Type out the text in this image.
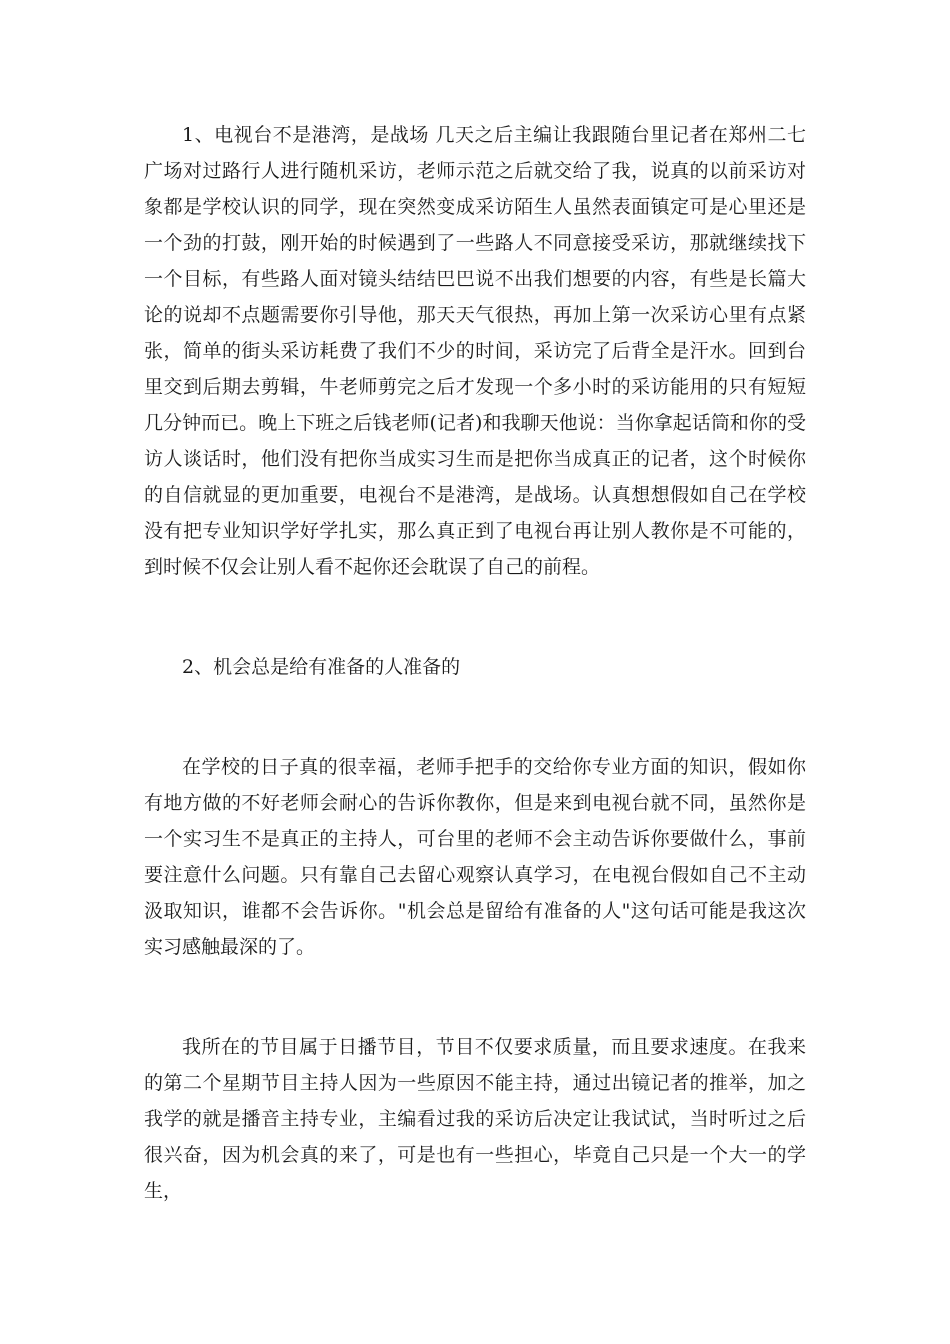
1、电视台不是港湾，是战场 几天之后主编让我跟随台里记者在郑州二七广场对过路行人进行随机采访，老师示范之后就交给了我，说真的以前采访对象都是学校认识的同学，现在突然变成采访陌生人虽然表面镇定可是心里还是一个劲的打鼓，刚开始的时候遇到了一些路人不同意接受采访，那就继续找下一个目标，有些路人面对镜头结结巴巴说不出我们想要的内容，有些是长篇大论的说却不点题需要你引导他，那天天气很热，再加上第一次采访心里有点紧张，简单的街头采访耗费了我们不少的时间，采访完了后背全是汗水。回到台里交到后期去剪辑，牛老师剪完之后才发现一个多小时的采访能用的只有短短几分钟而已。晚上下班之后钱老师(记者)和我聊天他说：当你拿起话筒和你的受访人谈话时，他们没有把你当成实习生而是把你当成真正的记者，这个时候你的自信就显的更加重要，电视台不是港湾，是战场。认真想想假如自己在学校没有把专业知识学好学扎实，那么真正到了电视台再让别人教你是不可能的，到时候不仅会让别人看不起你还会耽误了自己的前程。

2、机会总是给有准备的人准备的

在学校的日子真的很幸福，老师手把手的交给你专业方面的知识，假如你有地方做的不好老师会耐心的告诉你教你，但是来到电视台就不同，虽然你是一个实习生不是真正的主持人，可台里的老师不会主动告诉你要做什么，事前要注意什么问题。只有靠自己去留心观察认真学习，在电视台假如自己不主动汲取知识，谁都不会告诉你。"机会总是留给有准备的人"这句话可能是我这次实习感触最深的了。

我所在的节目属于日播节目，节目不仅要求质量，而且要求速度。在我来的第二个星期节目主持人因为一些原因不能主持，通过出镜记者的推举，加之我学的就是播音主持专业，主编看过我的采访后决定让我试试，当时听过之后很兴奋，因为机会真的来了，可是也有一些担心，毕竟自己只是一个大一的学生，
